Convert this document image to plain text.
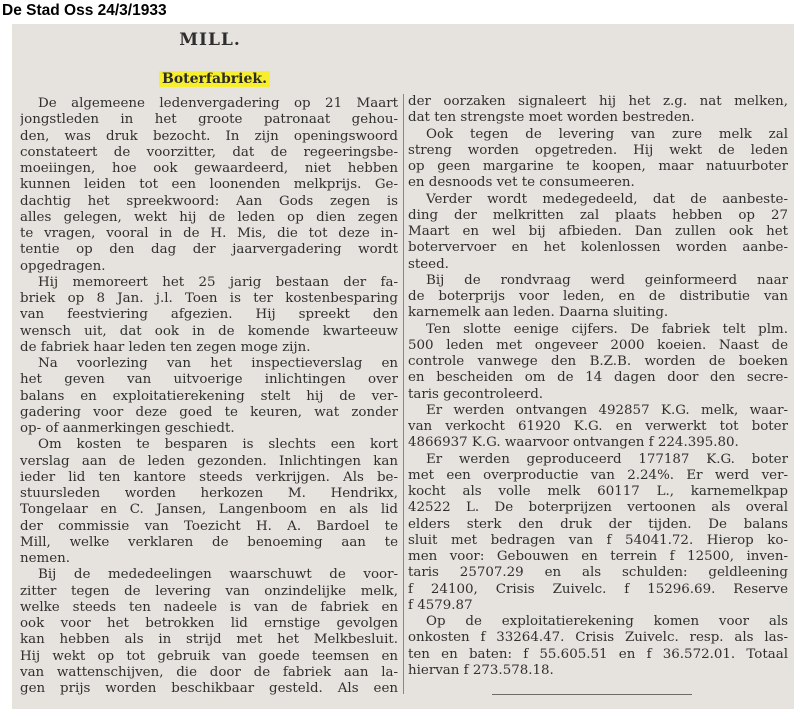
De Stad Oss 24/3/1933
MILL.
Boterfabriek.
De algemeene ledenvergadering op 21 Maart
jongstleden in het groote patronaat gehou-
den, was druk bezocht. In zijn openingswoord
constateert de voorzitter, dat de regeeringsbe-
moeiingen, hoe ook gewaardeerd, niet hebben
kunnen leiden tot een loonenden melkprijs. Ge-
dachtig het spreekwoord: Aan Gods zegen is
alles gelegen, wekt hij de leden op dien zegen
te vragen, vooral in de H. Mis, die tot deze in-
tentie op den dag der jaarvergadering wordt
opgedragen.
Hij memoreert het 25 jarig bestaan der fa-
briek op 8 Jan. j.l. Toen is ter kostenbesparing
van feestviering afgezien. Hij spreekt den
wensch uit, dat ook in de komende kwarteeuw
de fabriek haar leden ten zegen moge zijn.
Na voorlezing van het inspectieverslag en
het geven van uitvoerige inlichtingen over
balans en exploitatierekening stelt hij de ver-
gadering voor deze goed te keuren, wat zonder
op- of aanmerkingen geschiedt.
Om kosten te besparen is slechts een kort
verslag aan de leden gezonden. Inlichtingen kan
ieder lid ten kantore steeds verkrijgen. Als be-
stuursleden worden herkozen M. Hendrikx,
Tongelaar en C. Jansen, Langenboom en als lid
der commissie van Toezicht H. A. Bardoel te
Mill, welke verklaren de benoeming aan te
nemen.
Bij de mededeelingen waarschuwt de voor-
zitter tegen de levering van onzindelijke melk,
welke steeds ten nadeele is van de fabriek en
ook voor het betrokken lid ernstige gevolgen
kan hebben als in strijd met het Melkbesluit.
Hij wekt op tot gebruik van goede teemsen en
van wattenschijven, die door de fabriek aan la-
gen prijs worden beschikbaar gesteld. Als een
der oorzaken signaleert hij het z.g. nat melken,
dat ten strengste moet worden bestreden.
Ook tegen de levering van zure melk zal
streng worden opgetreden. Hij wekt de leden
op geen margarine te koopen, maar natuurboter
en desnoods vet te consumeeren.
Verder wordt medegedeeld, dat de aanbeste-
ding der melkritten zal plaats hebben op 27
Maart en wel bij afbieden. Dan zullen ook het
botervervoer en het kolenlossen worden aanbe-
steed.
Bij de rondvraag werd geinformeerd naar
de boterprijs voor leden, en de distributie van
karnemelk aan leden. Daarna sluiting.
Ten slotte eenige cijfers. De fabriek telt plm.
500 leden met ongeveer 2000 koeien. Naast de
controle vanwege den B.Z.B. worden de boeken
en bescheiden om de 14 dagen door den secre-
taris gecontroleerd.
Er werden ontvangen 492857 K.G. melk, waar-
van verkocht 61920 K.G. en verwerkt tot boter
4866937 K.G. waarvoor ontvangen f 224.395.80.
Er werden geproduceerd 177187 K.G. boter
met een overproductie van 2.24%. Er werd ver-
kocht als volle melk 60117 L., karnemelkpap
42522 L. De boterprijzen vertoonen als overal
elders sterk den druk der tijden. De balans
sluit met bedragen van f 54041.72. Hierop ko-
men voor: Gebouwen en terrein f 12500, inven-
taris 25707.29 en als schulden: geldleening
f 24100, Crisis Zuivelc. f 15296.69. Reserve
f 4579.87
Op de exploitatierekening komen voor als
onkosten f 33264.47. Crisis Zuivelc. resp. als las-
ten en baten: f 55.605.51 en f 36.572.01. Totaal
hiervan f 273.578.18.
